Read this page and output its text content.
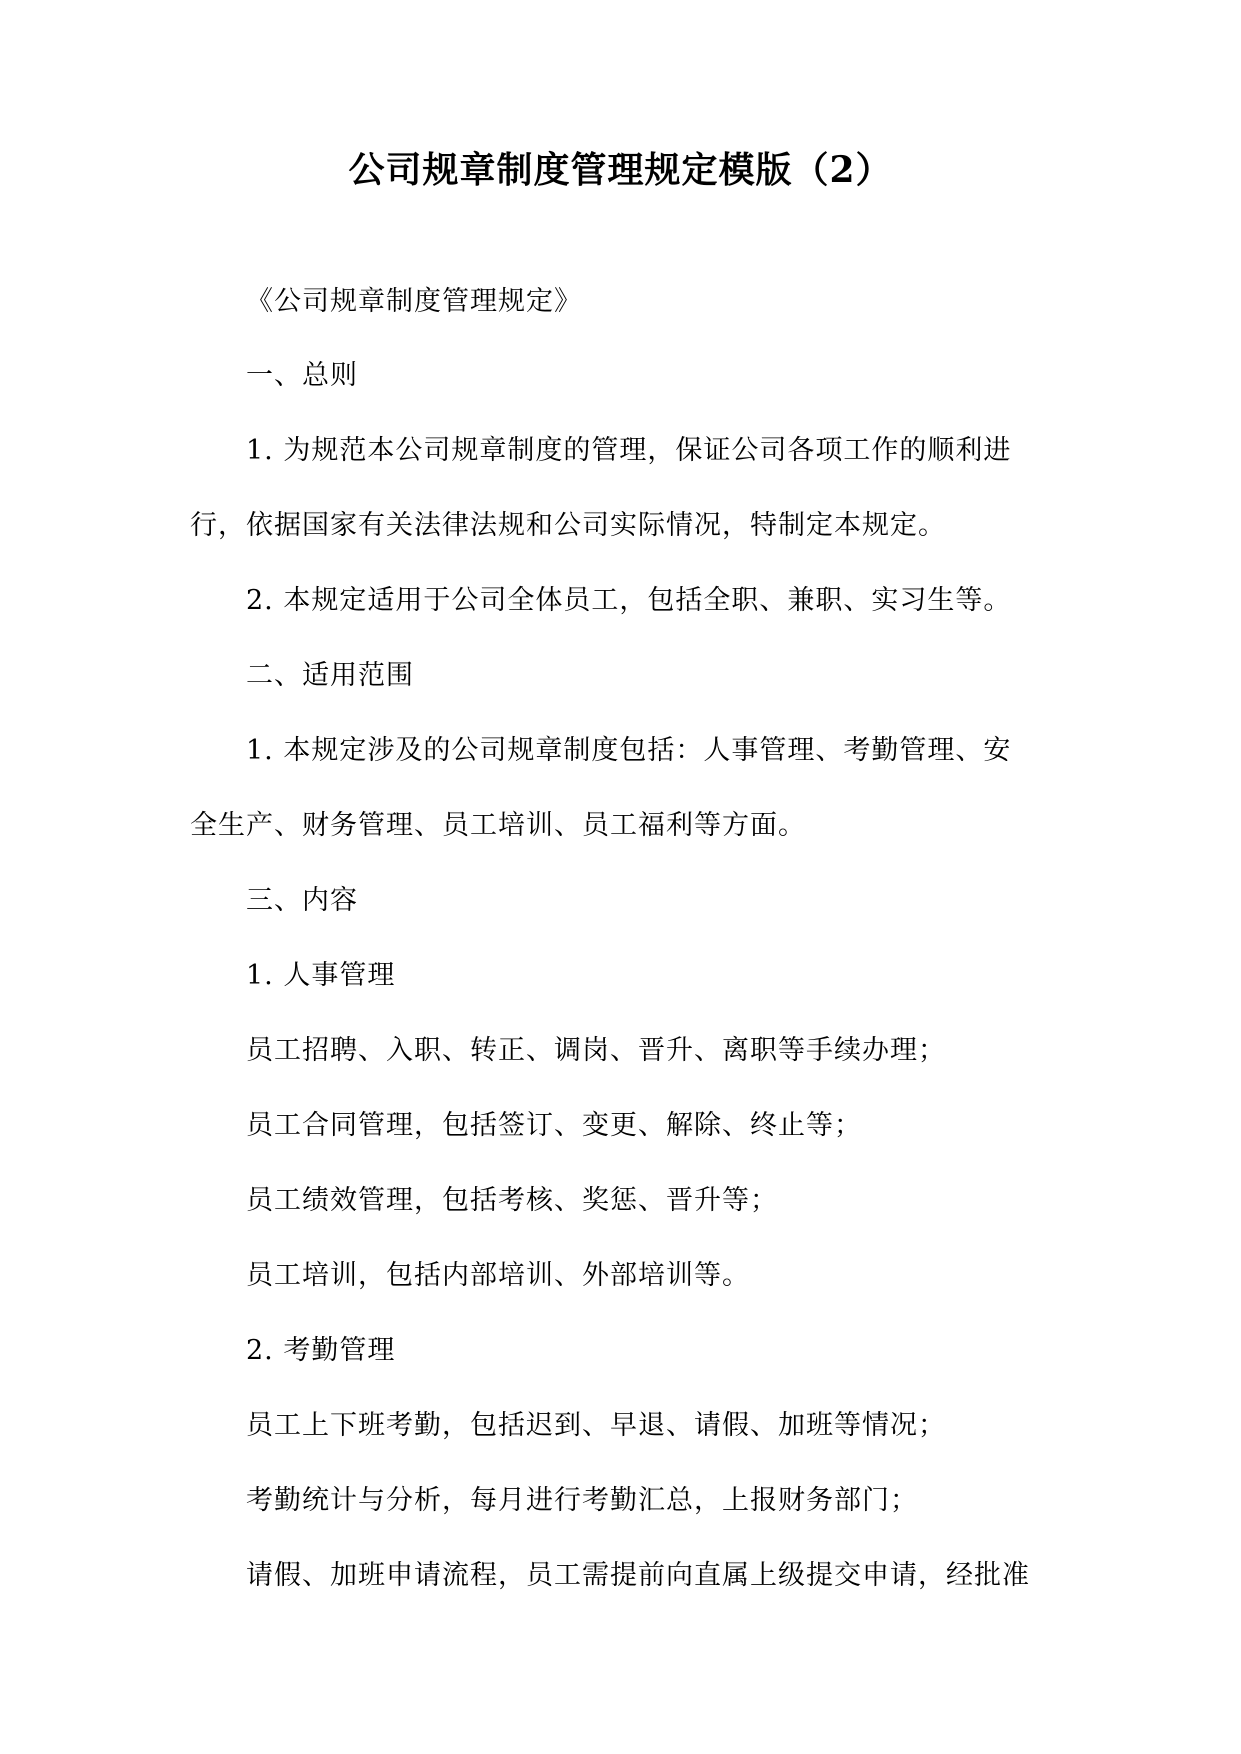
公司规章制度管理规定模版（2）
《公司规章制度管理规定》
一、总则
1. 为规范本公司规章制度的管理，保证公司各项工作的顺利进
行，依据国家有关法律法规和公司实际情况，特制定本规定。
2. 本规定适用于公司全体员工，包括全职、兼职、实习生等。
二、适用范围
1. 本规定涉及的公司规章制度包括：人事管理、考勤管理、安
全生产、财务管理、员工培训、员工福利等方面。
三、内容
1. 人事管理
员工招聘、入职、转正、调岗、晋升、离职等手续办理；
员工合同管理，包括签订、变更、解除、终止等；
员工绩效管理，包括考核、奖惩、晋升等；
员工培训，包括内部培训、外部培训等。
2. 考勤管理
员工上下班考勤，包括迟到、早退、请假、加班等情况；
考勤统计与分析，每月进行考勤汇总，上报财务部门；
请假、加班申请流程，员工需提前向直属上级提交申请，经批准
